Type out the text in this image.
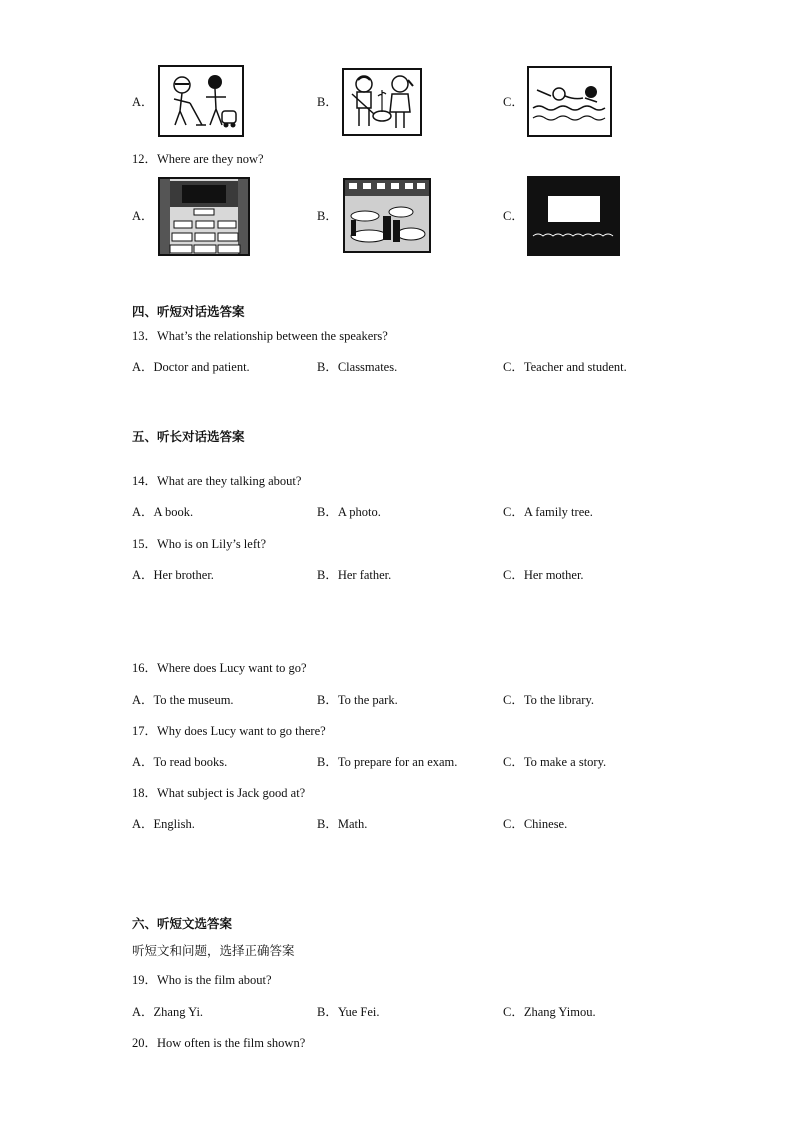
A．	B．	C．
12．Where are they now?
A．	B．	C．
四、听短对话选答案
13．What’s the relationship between the speakers?
A．Doctor and patient.	B．Classmates.	C．Teacher and student.
五、听长对话选答案
14．What are they talking about?
A．A book.	B．A photo.	C．A family tree.
15．Who is on Lily’s left?
A．Her brother.	B．Her father.	C．Her mother.
16．Where does Lucy want to go?
A．To the museum.	B．To the park.	C．To the library.
17．Why does Lucy want to go there?
A．To read books.	B．To prepare for an exam.	C．To make a story.
18．What subject is Jack good at?
A．English.	B．Math.	C．Chinese.
六、听短文选答案
听短文和问题，选择正确答案
19．Who is the film about?
A．Zhang Yi.	B．Yue Fei.	C．Zhang Yimou.
20．How often is the film shown?
